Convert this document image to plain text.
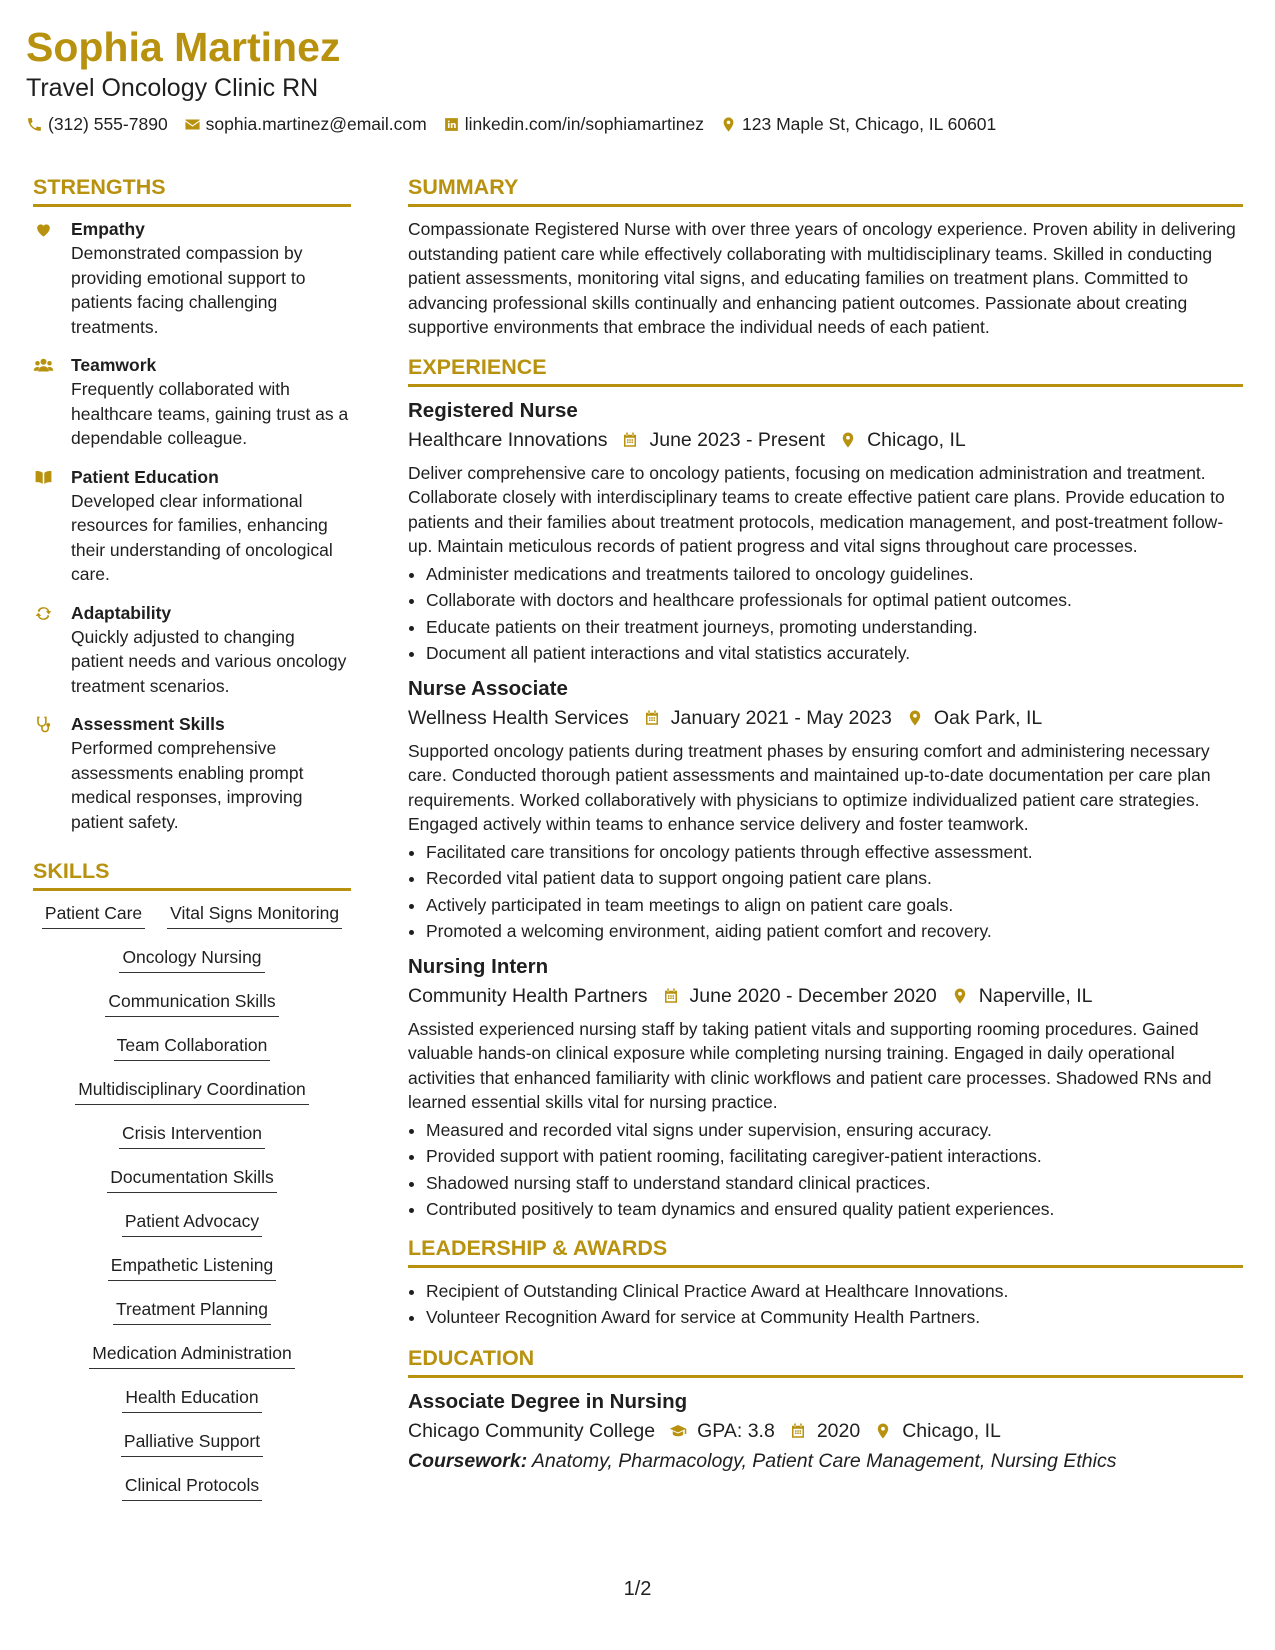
Sophia Martinez
Travel Oncology Clinic RN
(312) 555-7890 sophia.martinez@email.com linkedin.com/in/sophiamartinez 123 Maple St, Chicago, IL 60601
STRENGTHS
Empathy
Demonstrated compassion by providing emotional support to patients facing challenging treatments.
Teamwork
Frequently collaborated with healthcare teams, gaining trust as a dependable colleague.
Patient Education
Developed clear informational resources for families, enhancing their understanding of oncological care.
Adaptability
Quickly adjusted to changing patient needs and various oncology treatment scenarios.
Assessment Skills
Performed comprehensive assessments enabling prompt medical responses, improving patient safety.
SKILLS
Patient Care Vital Signs Monitoring
Oncology Nursing
Communication Skills
Team Collaboration
Multidisciplinary Coordination
Crisis Intervention
Documentation Skills
Patient Advocacy
Empathetic Listening
Treatment Planning
Medication Administration
Health Education
Palliative Support
Clinical Protocols
SUMMARY
Compassionate Registered Nurse with over three years of oncology experience. Proven ability in delivering outstanding patient care while effectively collaborating with multidisciplinary teams. Skilled in conducting patient assessments, monitoring vital signs, and educating families on treatment plans. Committed to advancing professional skills continually and enhancing patient outcomes. Passionate about creating supportive environments that embrace the individual needs of each patient.
EXPERIENCE
Registered Nurse
Healthcare Innovations June 2023 - Present Chicago, IL
Deliver comprehensive care to oncology patients, focusing on medication administration and treatment. Collaborate closely with interdisciplinary teams to create effective patient care plans. Provide education to patients and their families about treatment protocols, medication management, and post-treatment follow-up. Maintain meticulous records of patient progress and vital signs throughout care processes.
• Administer medications and treatments tailored to oncology guidelines.
• Collaborate with doctors and healthcare professionals for optimal patient outcomes.
• Educate patients on their treatment journeys, promoting understanding.
• Document all patient interactions and vital statistics accurately.
Nurse Associate
Wellness Health Services January 2021 - May 2023 Oak Park, IL
Supported oncology patients during treatment phases by ensuring comfort and administering necessary care. Conducted thorough patient assessments and maintained up-to-date documentation per care plan requirements. Worked collaboratively with physicians to optimize individualized patient care strategies. Engaged actively within teams to enhance service delivery and foster teamwork.
• Facilitated care transitions for oncology patients through effective assessment.
• Recorded vital patient data to support ongoing patient care plans.
• Actively participated in team meetings to align on patient care goals.
• Promoted a welcoming environment, aiding patient comfort and recovery.
Nursing Intern
Community Health Partners June 2020 - December 2020 Naperville, IL
Assisted experienced nursing staff by taking patient vitals and supporting rooming procedures. Gained valuable hands-on clinical exposure while completing nursing training. Engaged in daily operational activities that enhanced familiarity with clinic workflows and patient care processes. Shadowed RNs and learned essential skills vital for nursing practice.
• Measured and recorded vital signs under supervision, ensuring accuracy.
• Provided support with patient rooming, facilitating caregiver-patient interactions.
• Shadowed nursing staff to understand standard clinical practices.
• Contributed positively to team dynamics and ensured quality patient experiences.
LEADERSHIP & AWARDS
• Recipient of Outstanding Clinical Practice Award at Healthcare Innovations.
• Volunteer Recognition Award for service at Community Health Partners.
EDUCATION
Associate Degree in Nursing
Chicago Community College GPA: 3.8 2020 Chicago, IL
Coursework: Anatomy, Pharmacology, Patient Care Management, Nursing Ethics
1/2
